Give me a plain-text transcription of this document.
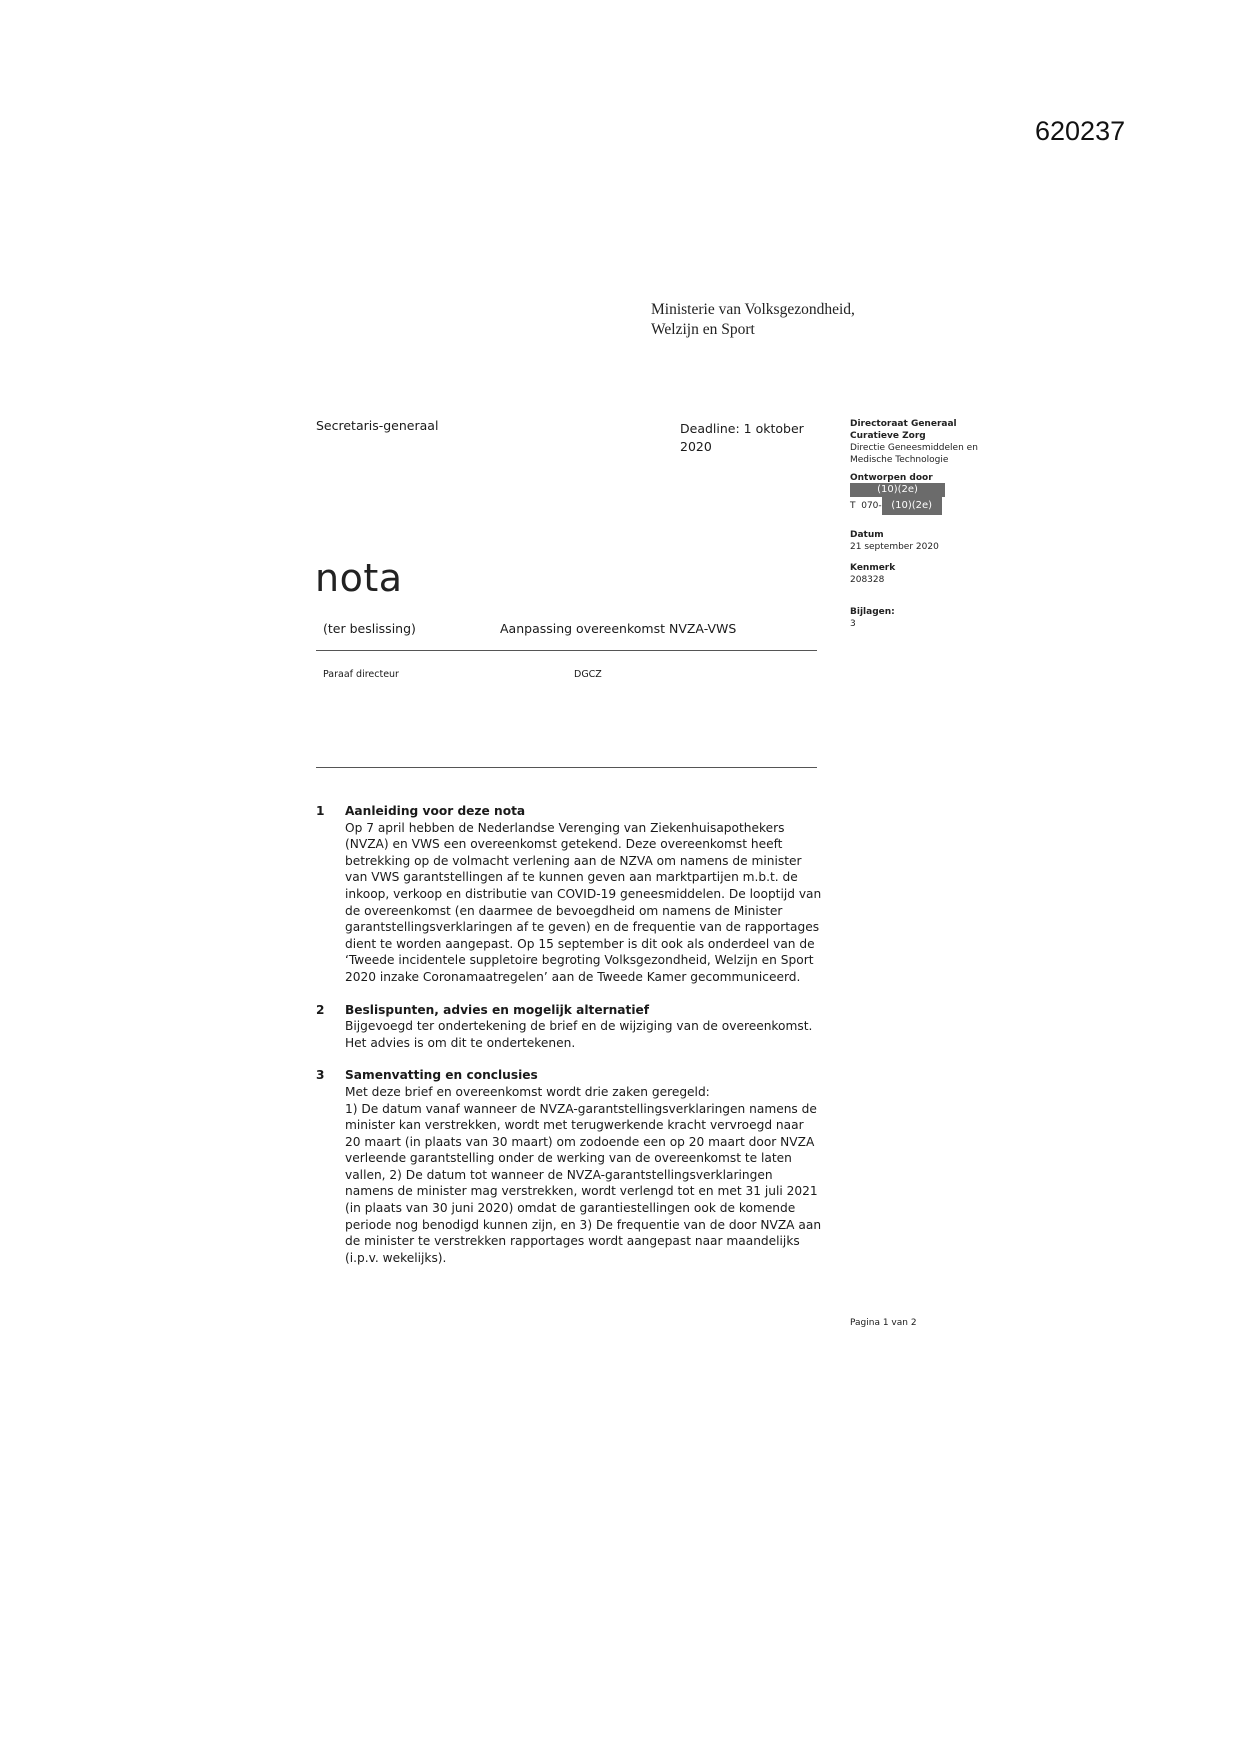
620237
Ministerie van Volksgezondheid,
Welzijn en Sport
Secretaris-generaal	Deadline: 1 oktober 2020
Directoraat Generaal
Curatieve Zorg
Directie Geneesmiddelen en
Medische Technologie
Ontworpen door
(10)(2e)
T  070- (10)(2e)
Datum
21 september 2020
Kenmerk
208328
Bijlagen:
3
nota
(ter beslissing)	Aanpassing overeenkomst NVZA-VWS
Paraaf directeur	DGCZ
1	Aanleiding voor deze nota
Op 7 april hebben de Nederlandse Verenging van Ziekenhuisapothekers
(NVZA) en VWS een overeenkomst getekend. Deze overeenkomst heeft
betrekking op de volmacht verlening aan de NZVA om namens de minister
van VWS garantstellingen af te kunnen geven aan marktpartijen m.b.t. de
inkoop, verkoop en distributie van COVID-19 geneesmiddelen. De looptijd van
de overeenkomst (en daarmee de bevoegdheid om namens de Minister
garantstellingsverklaringen af te geven) en de frequentie van de rapportages
dient te worden aangepast. Op 15 september is dit ook als onderdeel van de
‘Tweede incidentele suppletoire begroting Volksgezondheid, Welzijn en Sport
2020 inzake Coronamaatregelen’ aan de Tweede Kamer gecommuniceerd.
2	Beslispunten, advies en mogelijk alternatief
Bijgevoegd ter ondertekening de brief en de wijziging van de overeenkomst.
Het advies is om dit te ondertekenen.
3	Samenvatting en conclusies
Met deze brief en overeenkomst wordt drie zaken geregeld:
1) De datum vanaf wanneer de NVZA-garantstellingsverklaringen namens de
minister kan verstrekken, wordt met terugwerkende kracht vervroegd naar
20 maart (in plaats van 30 maart) om zodoende een op 20 maart door NVZA
verleende garantstelling onder de werking van de overeenkomst te laten
vallen, 2) De datum tot wanneer de NVZA-garantstellingsverklaringen
namens de minister mag verstrekken, wordt verlengd tot en met 31 juli 2021
(in plaats van 30 juni 2020) omdat de garantiestellingen ook de komende
periode nog benodigd kunnen zijn, en 3) De frequentie van de door NVZA aan
de minister te verstrekken rapportages wordt aangepast naar maandelijks
(i.p.v. wekelijks).
Pagina 1 van 2
